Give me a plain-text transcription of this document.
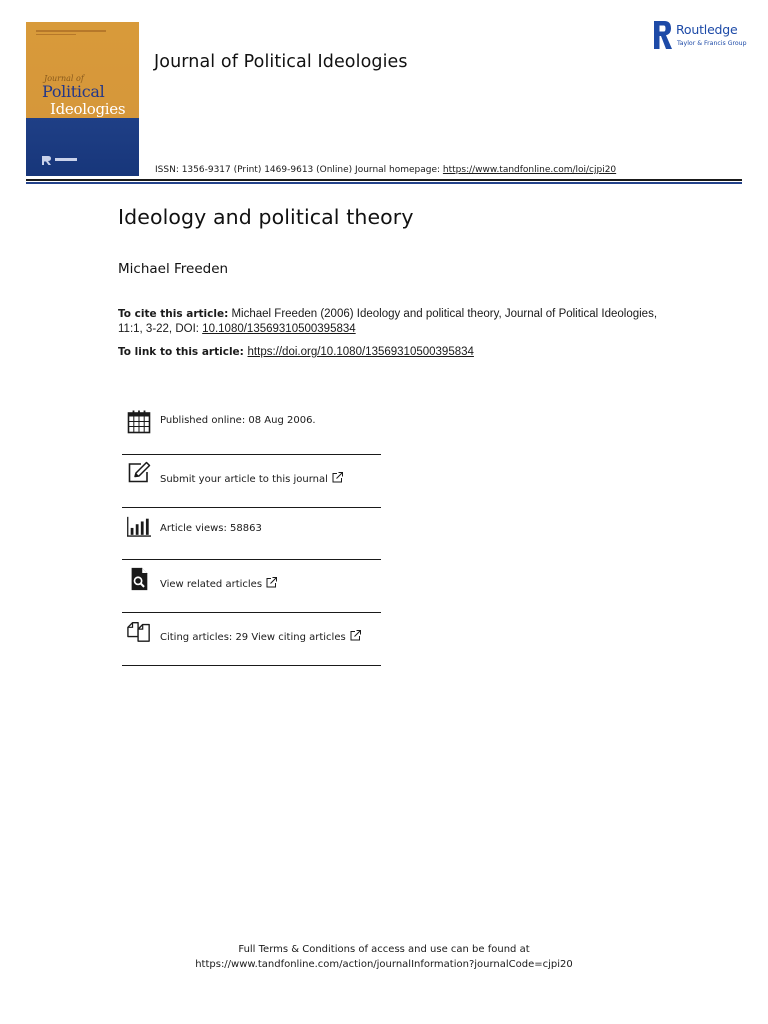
Journal of
Political
Ideologies
Journal of Political Ideologies
Routledge
Taylor & Francis Group
ISSN: 1356-9317 (Print) 1469-9613 (Online) Journal homepage: https://www.tandfonline.com/loi/cjpi20
Ideology and political theory
Michael Freeden
To cite this article: Michael Freeden (2006) Ideology and political theory, Journal of Political Ideologies, 11:1, 3-22, DOI: 10.1080/13569310500395834
To link to this article: https://doi.org/10.1080/13569310500395834
Published online: 08 Aug 2006.
Submit your article to this journal
Article views: 58863
View related articles
Citing articles: 29 View citing articles
Full Terms & Conditions of access and use can be found at
https://www.tandfonline.com/action/journalInformation?journalCode=cjpi20
